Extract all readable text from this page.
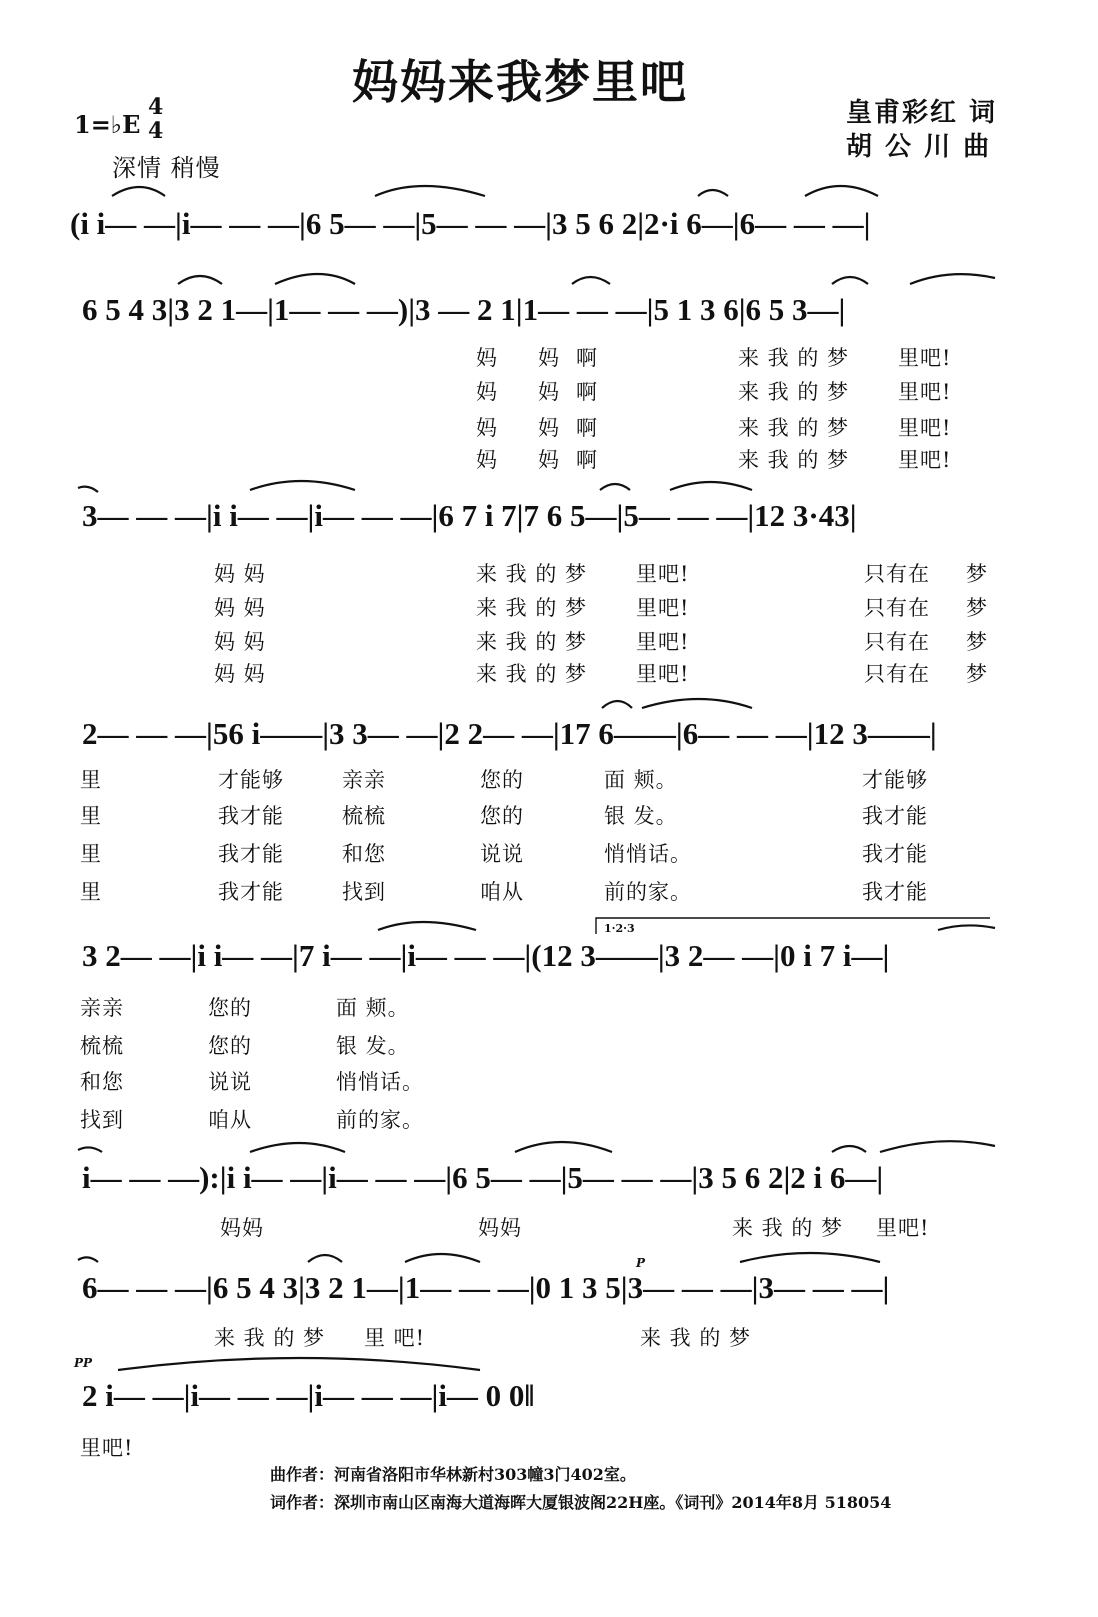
妈妈来我梦里吧
皇甫彩红 词
胡 公 川 曲
1=♭E
4
4
深情 稍慢
(i i— —|i— — —|6 5— —|5— — —|3 5 6 2|2·i 6—|6— — —|
6 5 4 3|3 2 1—|1— — —)|3 — 2 1|1— — —|5 1 3 6|6 5 3—|
3— — —|i i— —|i— — —|6 7 i 7|7 6 5—|5— — —|12 3·43|
2— — —|56 i——|3 3— —|2 2— —|17 6——|6— — —|12 3——|
3 2— —|i i— —|7 i— —|i— — —|(12 3——|3 2— —|0 i 7 i—|
i— — —):|i i— —|i— — —|6 5— —|5— — —|3 5 6 2|2 i 6—|
6— — —|6 5 4 3|3 2 1—|1— — —|0 1 3 5|3— — —|3— — —|
2 i— —|i— — —|i— — —|i— 0 0‖
1·2·3
P
PP
妈 妈 啊	来 我 的 梦 里吧!
妈 妈 啊	来 我 的 梦 里吧!
妈 妈 啊	来 我 的 梦 里吧!
妈 妈 啊	来 我 的 梦 里吧!
妈 妈	来 我 的 梦 里吧!	只有在 梦
妈 妈	来 我 的 梦 里吧!	只有在 梦
妈 妈	来 我 的 梦 里吧!	只有在 梦
妈 妈	来 我 的 梦 里吧!	只有在 梦
里	才能够	亲亲	您的	面 颊。	才能够
里	我才能	梳梳	您的	银 发。	我才能
里	我才能	和您	说说	悄悄话。	我才能
里	我才能	找到	咱从	前的家。	我才能
亲亲	您的	面 颊。
梳梳	您的	银 发。
和您	说说	悄悄话。
找到	咱从	前的家。
妈妈	妈妈	来 我 的 梦 里吧!
来 我 的 梦 里 吧!	来 我 的 梦
里吧!
曲作者：河南省洛阳市华林新村303幢3门402室。
词作者：深圳市南山区南海大道海晖大厦银波阁22H座。《词刊》2014年8月 518054
